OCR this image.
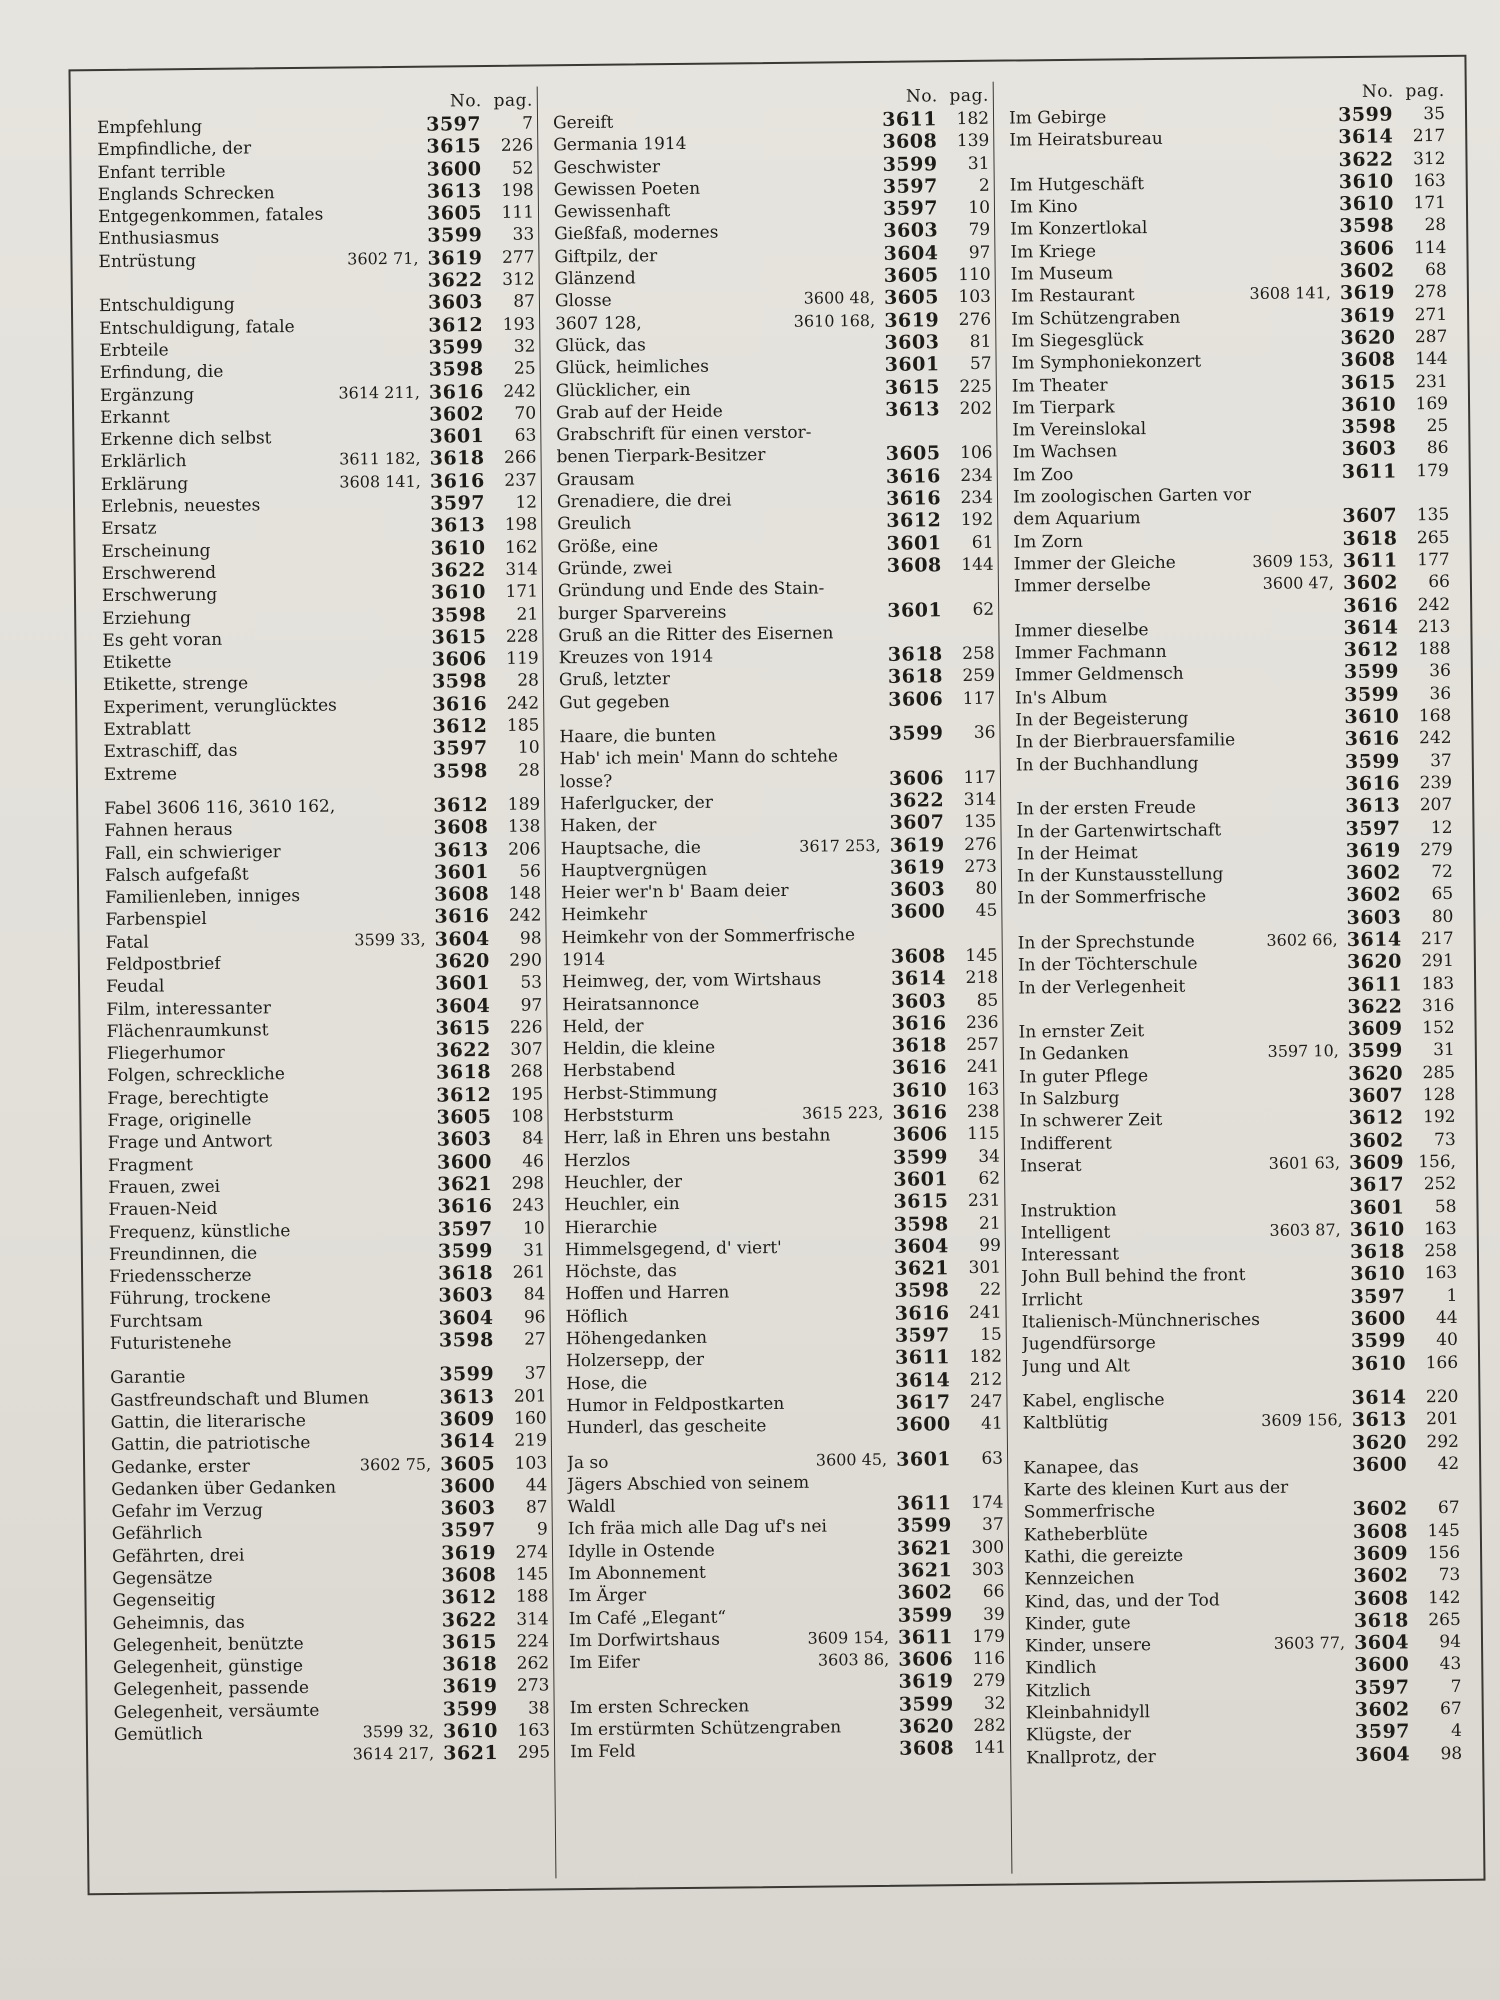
No.  pag.
Empfehlung	3597	7
Empfindliche, der	3615	226
Enfant terrible	3600	52
Englands Schrecken	3613	198
Entgegenkommen, fatales	3605	111
Enthusiasmus	3599	33
Entrüstung	3602 71, 3619	277
3622	312
Entschuldigung	3603	87
Entschuldigung, fatale	3612	193
Erbteile	3599	32
Erfindung, die	3598	25
Ergänzung	3614 211, 3616	242
Erkannt	3602	70
Erkenne dich selbst	3601	63
Erklärlich	3611 182, 3618	266
Erklärung	3608 141, 3616	237
Erlebnis, neuestes	3597	12
Ersatz	3613	198
Erscheinung	3610	162
Erschwerend	3622	314
Erschwerung	3610	171
Erziehung	3598	21
Es geht voran	3615	228
Etikette	3606	119
Etikette, strenge	3598	28
Experiment, verunglücktes	3616	242
Extrablatt	3612	185
Extraschiff, das	3597	10
Extreme	3598	28
Fabel 3606 116, 3610 162,	3612	189
Fahnen heraus	3608	138
Fall, ein schwieriger	3613	206
Falsch aufgefaßt	3601	56
Familienleben, inniges	3608	148
Farbenspiel	3616	242
Fatal	3599 33, 3604	98
Feldpostbrief	3620	290
Feudal	3601	53
Film, interessanter	3604	97
Flächenraumkunst	3615	226
Fliegerhumor	3622	307
Folgen, schreckliche	3618	268
Frage, berechtigte	3612	195
Frage, originelle	3605	108
Frage und Antwort	3603	84
Fragment	3600	46
Frauen, zwei	3621	298
Frauen-Neid	3616	243
Frequenz, künstliche	3597	10
Freundinnen, die	3599	31
Friedensscherze	3618	261
Führung, trockene	3603	84
Furchtsam	3604	96
Futuristenehe	3598	27
Garantie	3599	37
Gastfreundschaft und Blumen	3613	201
Gattin, die literarische	3609	160
Gattin, die patriotische	3614	219
Gedanke, erster	3602 75, 3605	103
Gedanken über Gedanken	3600	44
Gefahr im Verzug	3603	87
Gefährlich	3597	9
Gefährten, drei	3619	274
Gegensätze	3608	145
Gegenseitig	3612	188
Geheimnis, das	3622	314
Gelegenheit, benützte	3615	224
Gelegenheit, günstige	3618	262
Gelegenheit, passende	3619	273
Gelegenheit, versäumte	3599	38
Gemütlich	3599 32, 3610	163
3614 217, 3621	295
No.  pag.
Gereift	3611	182
Germania 1914	3608	139
Geschwister	3599	31
Gewissen Poeten	3597	2
Gewissenhaft	3597	10
Gießfaß, modernes	3603	79
Giftpilz, der	3604	97
Glänzend	3605	110
Glosse	3600 48, 3605	103
3607 128,	3610 168, 3619	276
Glück, das	3603	81
Glück, heimliches	3601	57
Glücklicher, ein	3615	225
Grab auf der Heide	3613	202
Grabschrift für einen verstor-
benen Tierpark-Besitzer	3605	106
Grausam	3616	234
Grenadiere, die drei	3616	234
Greulich	3612	192
Größe, eine	3601	61
Gründe, zwei	3608	144
Gründung und Ende des Stain-
burger Sparvereins	3601	62
Gruß an die Ritter des Eisernen
Kreuzes von 1914	3618	258
Gruß, letzter	3618	259
Gut gegeben	3606	117
Haare, die bunten	3599	36
Hab' ich mein' Mann do schtehe
losse?	3606	117
Haferlgucker, der	3622	314
Haken, der	3607	135
Hauptsache, die	3617 253, 3619	276
Hauptvergnügen	3619	273
Heier wer'n b' Baam deier	3603	80
Heimkehr	3600	45
Heimkehr von der Sommerfrische
1914	3608	145
Heimweg, der, vom Wirtshaus	3614	218
Heiratsannonce	3603	85
Held, der	3616	236
Heldin, die kleine	3618	257
Herbstabend	3616	241
Herbst-Stimmung	3610	163
Herbststurm	3615 223, 3616	238
Herr, laß in Ehren uns bestahn	3606	115
Herzlos	3599	34
Heuchler, der	3601	62
Heuchler, ein	3615	231
Hierarchie	3598	21
Himmelsgegend, d' viert'	3604	99
Höchste, das	3621	301
Hoffen und Harren	3598	22
Höflich	3616	241
Höhengedanken	3597	15
Holzersepp, der	3611	182
Hose, die	3614	212
Humor in Feldpostkarten	3617	247
Hunderl, das gescheite	3600	41
Ja so	3600 45, 3601	63
Jägers Abschied von seinem
Waldl	3611	174
Ich fräa mich alle Dag uf's nei	3599	37
Idylle in Ostende	3621	300
Im Abonnement	3621	303
Im Ärger	3602	66
Im Café „Elegant“	3599	39
Im Dorfwirtshaus	3609 154, 3611	179
Im Eifer	3603 86, 3606	116
3619	279
Im ersten Schrecken	3599	32
Im erstürmten Schützengraben	3620	282
Im Feld	3608	141
No.  pag.
Im Gebirge	3599	35
Im Heiratsbureau	3614	217
3622	312
Im Hutgeschäft	3610	163
Im Kino	3610	171
Im Konzertlokal	3598	28
Im Kriege	3606	114
Im Museum	3602	68
Im Restaurant	3608 141, 3619	278
Im Schützengraben	3619	271
Im Siegesglück	3620	287
Im Symphoniekonzert	3608	144
Im Theater	3615	231
Im Tierpark	3610	169
Im Vereinslokal	3598	25
Im Wachsen	3603	86
Im Zoo	3611	179
Im zoologischen Garten vor
dem Aquarium	3607	135
Im Zorn	3618	265
Immer der Gleiche	3609 153, 3611	177
Immer derselbe	3600 47, 3602	66
3616	242
Immer dieselbe	3614	213
Immer Fachmann	3612	188
Immer Geldmensch	3599	36
In's Album	3599	36
In der Begeisterung	3610	168
In der Bierbrauersfamilie	3616	242
In der Buchhandlung	3599	37
3616	239
In der ersten Freude	3613	207
In der Gartenwirtschaft	3597	12
In der Heimat	3619	279
In der Kunstausstellung	3602	72
In der Sommerfrische	3602	65
3603	80
In der Sprechstunde	3602 66, 3614	217
In der Töchterschule	3620	291
In der Verlegenheit	3611	183
3622	316
In ernster Zeit	3609	152
In Gedanken	3597 10, 3599	31
In guter Pflege	3620	285
In Salzburg	3607	128
In schwerer Zeit	3612	192
Indifferent	3602	73
Inserat	3601 63, 3609 156,
3617	252
Instruktion	3601	58
Intelligent	3603 87, 3610	163
Interessant	3618	258
John Bull behind the front	3610	163
Irrlicht	3597	1
Italienisch-Münchnerisches	3600	44
Jugendfürsorge	3599	40
Jung und Alt	3610	166
Kabel, englische	3614	220
Kaltblütig	3609 156, 3613	201
3620	292
Kanapee, das	3600	42
Karte des kleinen Kurt aus der
Sommerfrische	3602	67
Katheberblüte	3608	145
Kathi, die gereizte	3609	156
Kennzeichen	3602	73
Kind, das, und der Tod	3608	142
Kinder, gute	3618	265
Kinder, unsere	3603 77, 3604	94
Kindlich	3600	43
Kitzlich	3597	7
Kleinbahnidyll	3602	67
Klügste, der	3597	4
Knallprotz, der	3604	98
